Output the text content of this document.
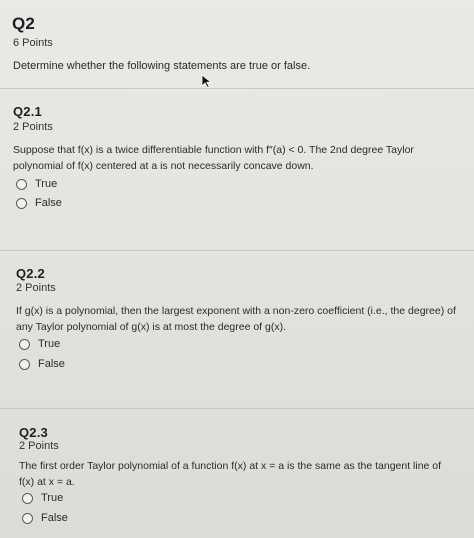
Q2
6 Points
Determine whether the following statements are true or false.
Q2.1
2 Points
Suppose that f(x) is a twice differentiable function with f″(a) < 0. The 2nd degree Taylor
polynomial of f(x) centered at a is not necessarily concave down.
True
False
Q2.2
2 Points
If g(x) is a polynomial, then the largest exponent with a non-zero coefficient (i.e., the degree) of
any Taylor polynomial of g(x) is at most the degree of g(x).
True
False
Q2.3
2 Points
The first order Taylor polynomial of a function f(x) at x = a is the same as the tangent line of
f(x) at x = a.
True
False
